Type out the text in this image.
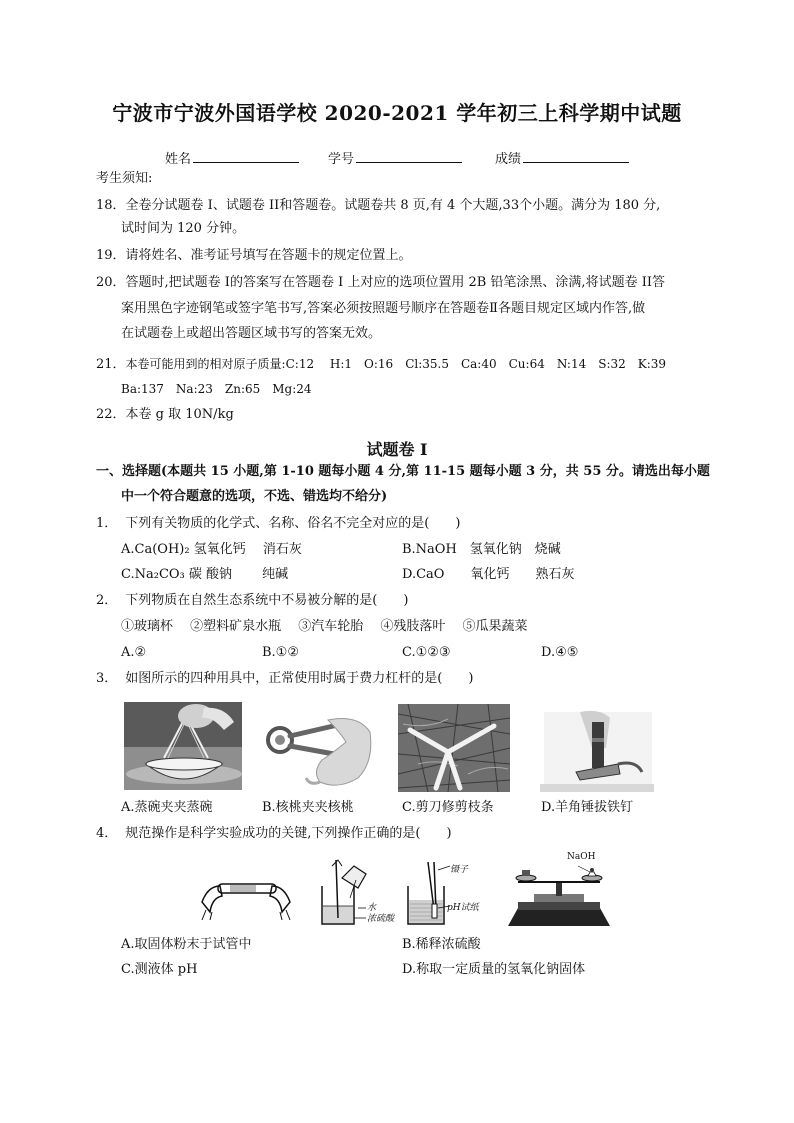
宁波市宁波外国语学校 2020-2021 学年初三上科学期中试题
姓名	学号	成绩
考生须知:
18．全卷分试题卷 I、试题卷 II和答题卷。试题卷共 8 页,有 4 个大题,33个小题。满分为 180 分,
试时间为 120 分钟。
19．请将姓名、准考证号填写在答题卡的规定位置上。
20．答题时,把试题卷 I的答案写在答题卷 I 上对应的选项位置用 2B 铅笔涂黑、涂满,将试题卷 II答
案用黑色字迹钢笔或签字笔书写,答案必须按照题号顺序在答题卷Ⅱ各题目规定区域内作答,做
在试题卷上或超出答题区域书写的答案无效。
21．本卷可能用到的相对原子质量:C:12　 H:1　O:16　Cl:35.5　Ca:40　Cu:64　N:14　S:32　K:39
Ba:137　Na:23　Zn:65　Mg:24
22．本卷 g 取 10N/kg
试题卷 I
一、选择题(本题共 15 小题,第 1-10 题每小题 4 分,第 11-15 题每小题 3 分，共 55 分。请选出每小题
中一个符合题意的选项，不选、错选均不给分)
1． 下列有关物质的化学式、名称、俗名不完全对应的是(　　)
A.Ca(OH)₂ 氢氧化钙　 消石灰	B.NaOH　氢氧化钠　烧碱
C.Na₂CO₃ 碳 酸钠　　 纯碱	D.CaO　　氧化钙　　熟石灰
2． 下列物质在自然生态系统中不易被分解的是(　　)
①玻璃杯　 ②塑料矿泉水瓶　 ③汽车轮胎　 ④残肢落叶　 ⑤瓜果蔬菜
A.②	B.①②	C.①②③	D.④⑤
3． 如图所示的四种用具中，正常使用时属于费力杠杆的是(　　)
A.蒸碗夹夹蒸碗	B.核桃夹夹核桃	C.剪刀修剪枝条	D.羊角锤拔铁钉
4． 规范操作是科学实验成功的关键,下列操作正确的是(　　)
水
浓硫酸
镊子
pH试纸
NaOH
A.取固体粉末于试管中	B.稀释浓硫酸
C.测液体 pH	D.称取一定质量的氢氧化钠固体
